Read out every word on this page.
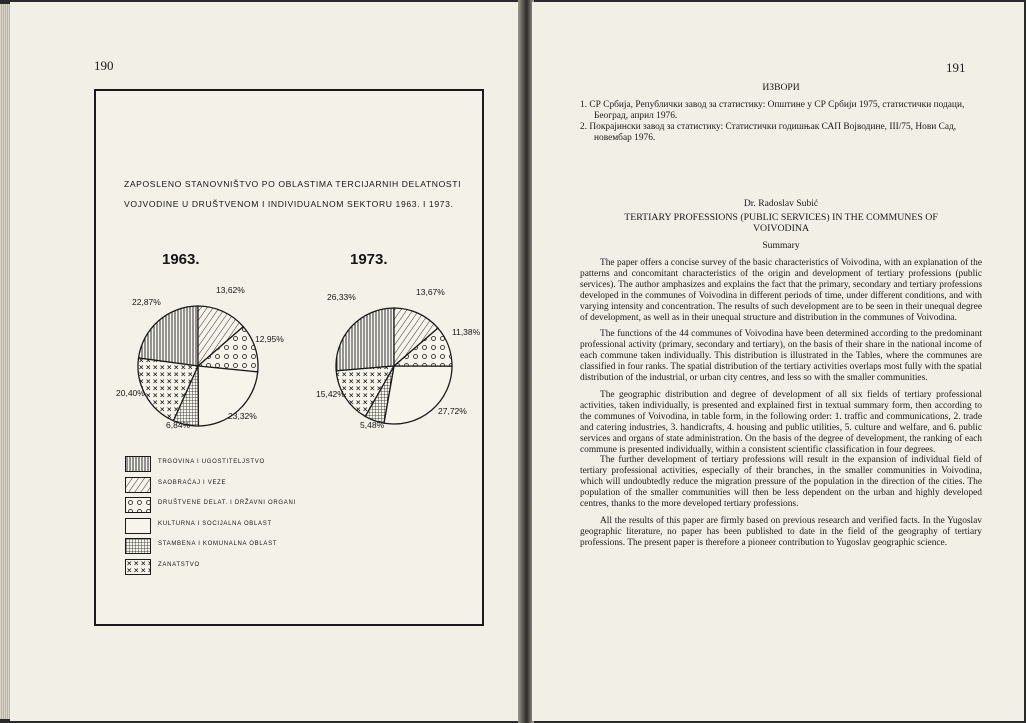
190
ZAPOSLENO STANOVNIŠTVO PO OBLASTIMA TERCIJARNIH DELATNOSTI VOJVODINE U DRUŠTVENOM I INDIVIDUALNOM SEKTORU 1963. I 1973.
1963.	1973.
22,87%
13,62%
12,95%
23,32%
6,84%
20,40%
26,33%	13,67%
11,38%
27,72%
5,48%
15,42%
TRGOVINA I UGOSTITELJSTVO
SAOBRAĆAJ I VEZE
DRUŠTVENE DELAT. I DRŽAVNI ORGANI
KULTURNA I SOCIJALNA OBLAST
STAMBENA I KOMUNALNA OBLAST
ZANATSTVO
191
ИЗВОРИ

1. СР Србија, Републички завод за статистику: Општине у СР Србији 1975, статистички подаци, Београд, април 1976.

2. Покрајински завод за статистику: Статистички годишњак САП Војводине, III/75, Нови Сад, новембар 1976.

Dr. Radoslav Subić
TERTIARY PROFESSIONS (PUBLIC SERVICES) IN THE COMMUNES OF VOIVODINA
Summary

The paper offers a concise survey of the basic characteristics of Voivodina, with an explanation of the patterns and concomitant characteristics of the origin and development of tertiary professions (public services). The author amphasizes and explains the fact that the primary, secondary and tertiary professions developed in the communes of Voivodina in different periods of time, under different conditions, and with varying intensity and concentration. The results of such development are to be seen in their unequal degree of development, as well as in their unequal structure and distribution in the communes of Voivodina.

The functions of the 44 communes of Voivodina have been determined according to the predominant professional activity (primary, secondary and tertiary), on the basis of their share in the national income of each commune taken individually. This distribution is illustrated in the Tables, where the communes are classified in four ranks. The spatial distribution of the tertiary activities overlaps most fully with the spatial distribution of the industrial, or urban city centres, and less so with the smaller communities.

The geographic distribution and degree of development of all six fields of tertiary professional activities, taken individually, is presented and explained first in textual summary form, then according to the communes of Voivodina, in table form, in the following order: 1. traffic and communications, 2. trade and catering industries, 3. handicrafts, 4. housing and public utilities, 5. culture and welfare, and 6. public services and organs of state administration. On the basis of the degree of development, the ranking of each commune is presented individually, within a consistent scientific classification in four degrees.

The further development of tertiary professions will result in the expansion of individual field of tertiary professional activities, especially of their branches, in the smaller communities in Voivodina, which will undoubtedly reduce the migration pressure of the population in the direction of the cities. The population of the smaller communities will then be less dependent on the urban and highly developed centres, thanks to the more developed tertiary professions.

All the results of this paper are firmly based on previous research and verified facts. In the Yugoslav geographic literature, no paper has been published to date in the field of the geography of tertiary professions. The present paper is therefore a pioneer contribution to Yugoslav geographic science.
